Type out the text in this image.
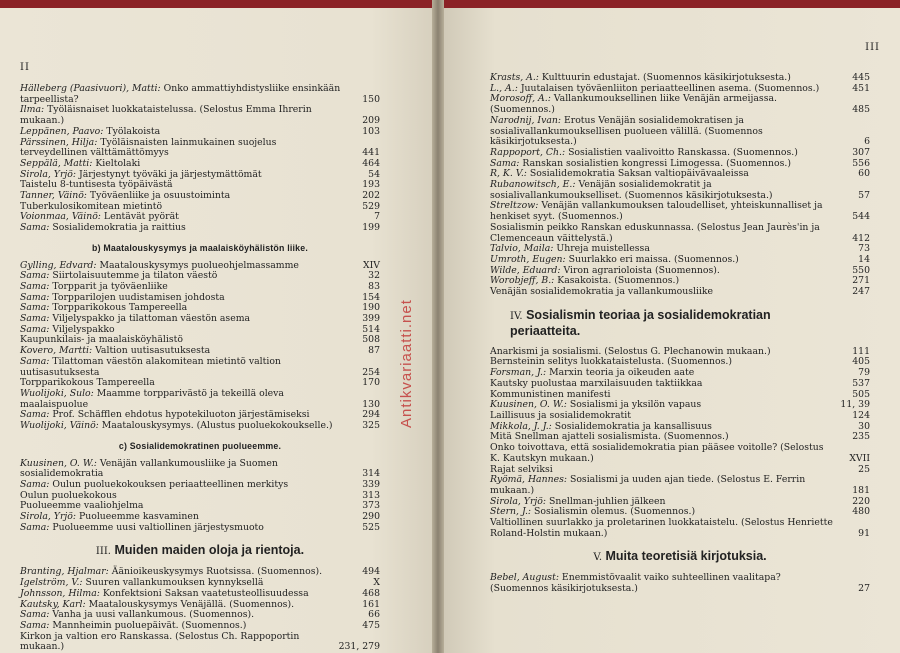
II
Hälleberg (Paasivuori), Matti: Onko ammattiyhdistysliike ensinkään tarpeellista?	150
Ilma: Työläisnaiset luokkataistelussa. (Selostus Emma Ihrerin mukaan.)	209
Leppänen, Paavo: Työlakoista	103
Pärssinen, Hilja: Työläisnaisten lainmukainen suojelus terveydellinen välttämättömyys	441
Seppälä, Matti: Kieltolaki	464
Sirola, Yrjö: Järjestynyt työväki ja järjestymättömät	54
Taistelu 8-tuntisesta työpäivästä	193
Tanner, Väinö: Työväenliike ja osuustoiminta	202
Tuberkulosikomitean mietintö	529
Voionmaa, Väinö: Lentävät pyörät	7
Sama: Sosialidemokratia ja raittius	199
b) Maatalouskysymys ja maalaisköyhälistön liike.
Gylling, Edvard: Maatalouskysymys puolueohjelmassamme	XIV
Sama: Siirtolaisuutemme ja tilaton väestö	32
Sama: Torpparit ja työväenliike	83
Sama: Torpparilojen uudistamisen johdosta	154
Sama: Torpparikokous Tampereella	190
Sama: Viljelyspakko ja tilattoman väestön asema	399
Sama: Viljelyspakko	514
Kaupunkilais- ja maalaisköyhälistö	508
Kovero, Martti: Valtion uutisasutuksesta	87
Sama: Tilattoman väestön alakomitean mietintö valtion uutisasutuksesta	254
Torpparikokous Tampereella	170
Wuolijoki, Sulo: Maamme torpparivästö ja tekeillä oleva maalaispuolue	130
Sama: Prof. Schäfflen ehdotus hypotekiluoton järjestämiseksi	294
Wuolijoki, Väinö: Maatalouskysymys. (Alustus puoluekokoukselle.)	325
c) Sosialidemokratinen puolueemme.
Kuusinen, O. W.: Venäjän vallankumousliike ja Suomen sosialidemokratia	314
Sama: Oulun puoluekokouksen periaatteellinen merkitys	339
Oulun puoluekokous	313
Puolueemme vaaliohjelma	373
Sirola, Yrjö: Puolueemme kasvaminen	290
Sama: Puolueemme uusi valtiollinen järjestysmuoto	525
III. Muiden maiden oloja ja rientoja.
Branting, Hjalmar: Äänioikeuskysymys Ruotsissa. (Suomennos).	494
Igelström, V.: Suuren vallankumouksen kynnyksellä	X
Johnsson, Hilma: Konfektsioni Saksan vaatetusteollisuudessa	468
Kautsky, Karl: Maatalouskysymys Venäjällä. (Suomennos).	161
Sama: Vanha ja uusi vallankumous. (Suomennos).	66
Sama: Mannheimin puoluepäivät. (Suomennos.)	475
Kirkon ja valtion ero Ranskassa. (Selostus Ch. Rappoportin mukaan.)	231, 279
Antikvariaatti.net
III
Krasts, A.: Kulttuurin edustajat. (Suomennos käsikirjotuksesta.)	445
L., A.: Juutalaisen työväenliiton periaatteellinen asema. (Suomennos.)	451
Morosoff, A.: Vallankumouksellinen liike Venäjän armeijassa. (Suomennos.)	485
Narodnij, Ivan: Erotus Venäjän sosialidemokratisen ja sosialivallankumouksellisen puolueen välillä. (Suomennos käsikirjotuksesta.)	6
Rappoport, Ch.: Sosialistien vaalivoitto Ranskassa. (Suomennos.)	307
Sama: Ranskan sosialistien kongressi Limogessa. (Suomennos.)	556
R, K. V.: Sosialidemokratia Saksan valtiopäivävaaleissa	60
Rubanowitsch, E.: Venäjän sosialidemokratit ja sosialivallankumoukselliset. (Suomennos käsikirjotuksesta.)	57
Streltzow: Venäjän vallankumouksen taloudelliset, yhteiskunnalliset ja henkiset syyt. (Suomennos.)	544
Sosialismin peikko Ranskan eduskunnassa. (Selostus Jean Jaurès'in ja Clemenceaun väittelystä.)	412
Talvio, Maila: Uhreja muistellessa	73
Umroth, Eugen: Suurlakko eri maissa. (Suomennos.)	14
Wilde, Eduard: Viron agrarioloista (Suomennos).	550
Worobjeff, B.: Kasakoista. (Suomennos.)	271
Venäjän sosialidemokratia ja vallankumousliike	247
IV. Sosialismin teoriaa ja sosialidemokratian
periaatteita.
Anarkismi ja sosialismi. (Selostus G. Plechanowin mukaan.)	111
Bernsteinin selitys luokkataistelusta. (Suomennos.)	405
Forsman, J.: Marxin teoria ja oikeuden aate	79
Kautsky puolustaa marxilaisuuden taktiikkaa	537
Kommunistinen manifesti	505
Kuusinen, O. W.: Sosialismi ja yksilön vapaus	11, 39
Laillisuus ja sosialidemokratit	124
Mikkola, J. J.: Sosialidemokratia ja kansallisuus	30
Mitä Snellman ajatteli sosialismista. (Suomennos.)	235
Onko toivottava, että sosialidemokratia pian pääsee voitolle? (Selostus K. Kautskyn mukaan.)	XVII
Rajat selviksi	25
Ryömä, Hannes: Sosialismi ja uuden ajan tiede. (Selostus E. Ferrin mukaan.)	181
Sirola, Yrjö: Snellman-juhlien jälkeen	220
Stern, J.: Sosialismin olemus. (Suomennos.)	480
Valtiollinen suurlakko ja proletarinen luokkataistelu. (Selostus Henriette Roland-Holstin mukaan.)	91
V. Muita teoretisiä kirjotuksia.
Bebel, August: Enemmistövaalit vaiko suhteellinen vaalitapa? (Suomennos käsikirjotuksesta.)	27
